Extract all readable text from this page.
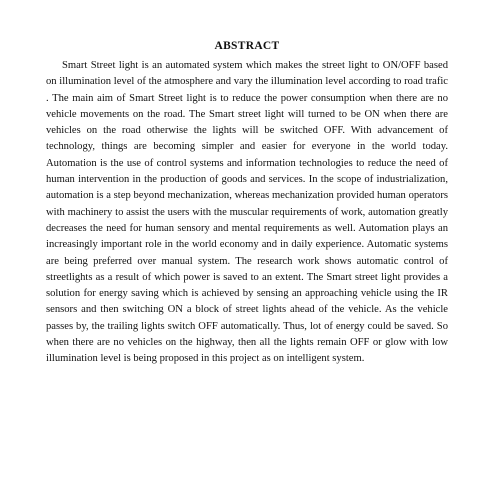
ABSTRACT

Smart Street light is an automated system which makes the street light to ON/OFF based on illumination level of the atmosphere and vary the illumination level according to road trafic . The main aim of Smart Street light is to reduce the power consumption when there are no vehicle movements on the road. The Smart street light will turned to be ON when there are vehicles on the road otherwise the lights will be switched OFF. With advancement of technology, things are becoming simpler and easier for everyone in the world today. Automation is the use of control systems and information technologies to reduce the need of human intervention in the production of goods and services. In the scope of industrialization, automation is a step beyond mechanization, whereas mechanization provided human operators with machinery to assist the users with the muscular requirements of work, automation greatly decreases the need for human sensory and mental requirements as well. Automation plays an increasingly important role in the world economy and in daily experience. Automatic systems are being preferred over manual system. The research work shows automatic control of streetlights as a result of which power is saved to an extent. The Smart street light provides a solution for energy saving which is achieved by sensing an approaching vehicle using the IR sensors and then switching ON a block of street lights ahead of the vehicle. As the vehicle passes by, the trailing lights switch OFF automatically. Thus, lot of energy could be saved. So when there are no vehicles on the highway, then all the lights remain OFF or glow with low illumination level is being proposed in this project as on intelligent system.
